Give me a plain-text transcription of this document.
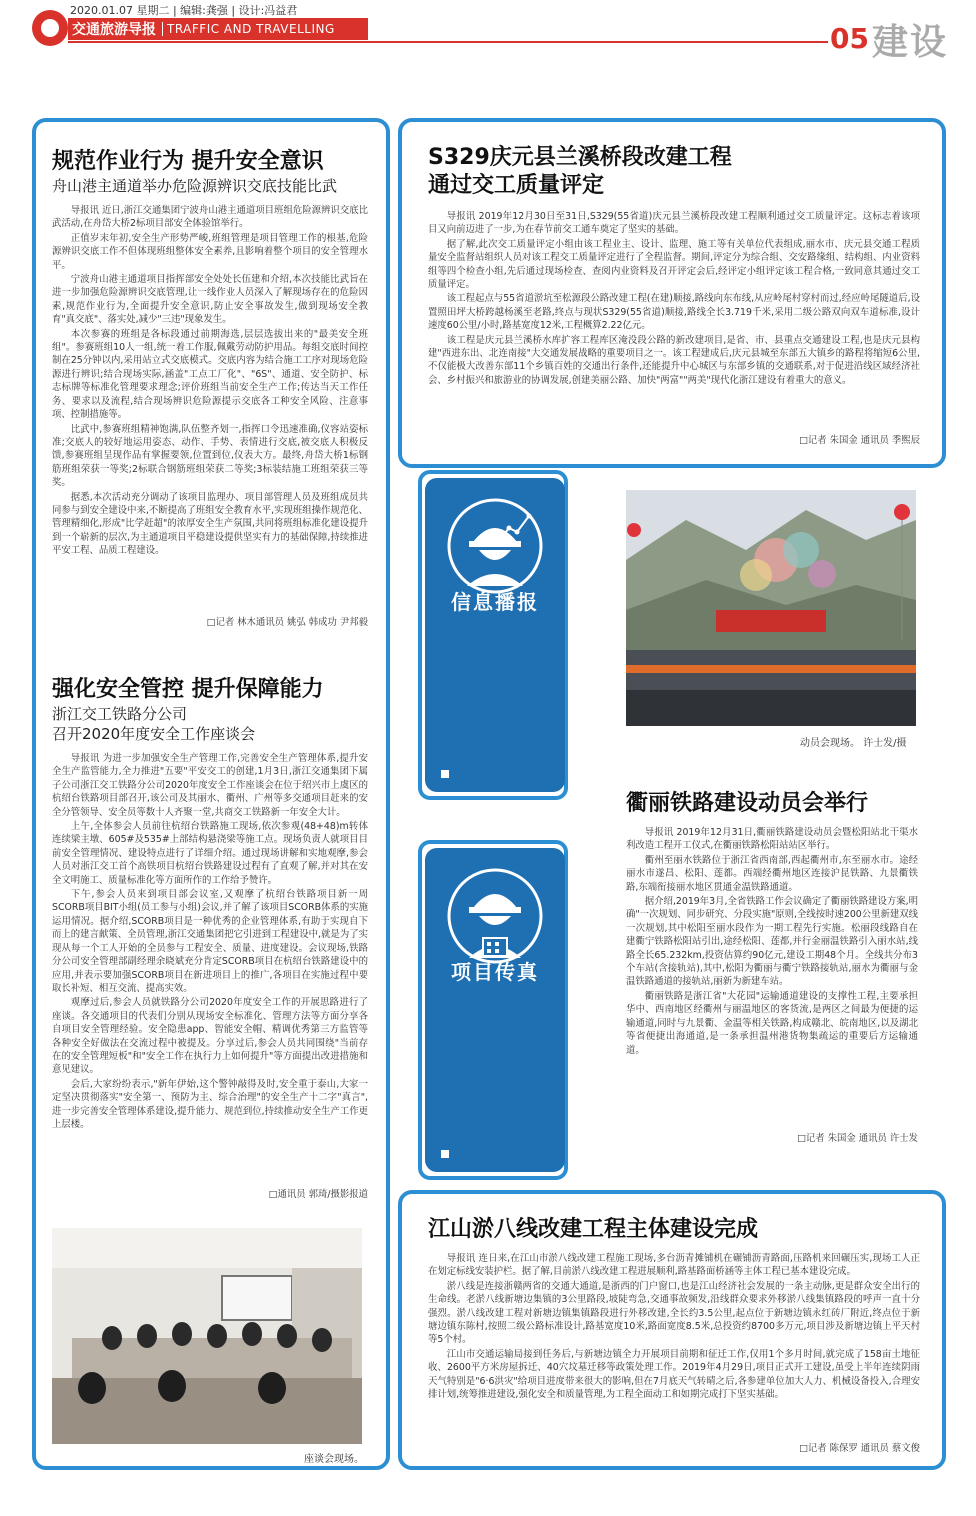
2020.01.07 星期二 | 编辑:龚强 | 设计:冯益君
交通旅游导报 TRAFFIC AND TRAVELLING	05 建设
信息播报
项目传真
规范作业行为 提升安全意识
舟山港主通道举办危险源辨识交底技能比武

导报讯 近日,浙江交通集团宁波舟山港主通道项目班组危险源辨识交底比武活动,在舟岱大桥2标项目部安全体验馆举行。

正值岁末年初,安全生产形势严峻,班组管理是项目管理工作的根基,危险源辨识交底工作不但体现班组整体安全素养,且影响着整个项目的安全管理水平。

宁波舟山港主通道项目指挥部安全处处长伍建和介绍,本次技能比武旨在进一步加强危险源辨识交底管理,让一线作业人员深入了解现场存在的危险因素,规范作业行为,全面提升安全意识,防止安全事故发生,做到现场安全教育"真交底"、落实处,减少"三违"现象发生。

本次参赛的班组是各标段通过前期海选,层层选拔出来的"最美安全班组"。参赛班组10人一组,统一着工作服,佩戴劳动防护用品。每组交底时间控制在25分钟以内,采用站立式交底模式。交底内容为结合施工工序对现场危险源进行辨识;结合现场实际,涵盖"工点工厂化"、"6S"、通道、安全防护、标志标牌等标准化管理要求理念;评价班组当前安全生产工作;传达当天工作任务、要求以及流程,结合现场辨识危险源提示交底各工种安全风险、注意事项、控制措施等。

比武中,参赛班组精神饱满,队伍整齐划一,指挥口令迅速准确,仪容站姿标准;交底人的较好地运用姿态、动作、手势、表情进行交底,被交底人积极反馈,参赛班组呈现作品有掌握要领,位置到位,仪表大方。最终,舟岱大桥1标钢筋班组荣获一等奖;2标联合钢筋班组荣获二等奖;3标装结施工班组荣获三等奖。

据悉,本次活动充分调动了该项目监理办、项目部管理人员及班组成员共同参与到安全建设中来,不断提高了班组安全教育水平,实现班组操作规范化、管理精细化,形成"比学赶超"的浓厚安全生产氛围,共同将班组标准化建设提升到一个崭新的层次,为主通道项目平稳建设提供坚实有力的基础保障,持续推进平安工程、品质工程建设。

□记者 林木通讯员 姚弘 韩成功 尹邦毅
S329庆元县兰溪桥段改建工程
通过交工质量评定

导报讯 2019年12月30日至31日,S329(55省道)庆元县兰溪桥段改建工程顺利通过交工质量评定。这标志着该项目又向前迈进了一步,为在春节前交工通车奠定了坚实的基础。

据了解,此次交工质量评定小组由该工程业主、设计、监理、施工等有关单位代表组成,丽水市、庆元县交通工程质量安全监督站组织人员对该工程交工质量评定进行了全程监督。期间,评定分为综合组、交安路缘组、结构组、内业资料组等四个检查小组,先后通过现场检查、查阅内业资料及召开评定会后,经评定小组评定该工程合格,一致同意其通过交工质量评定。

该工程起点与55省道淤坑至松源段公路改建工程(在建)顺接,路线向东布线,从应岭尾村穿村而过,经应岭尾隧道后,设置照田坪大桥跨越杨溪至老路,终点与现状S329(55省道)顺接,路线全长3.719千米,采用二级公路双向双车道标准,设计速度60公里/小时,路基宽度12米,工程概算2.22亿元。

该工程是庆元县兰溪桥水库扩容工程库区淹没段公路的新改建项目,是省、市、县重点交通建设工程,也是庆元县构建"西进东出、北连南接"大交通发展战略的重要项目之一。该工程建成后,庆元县城至东部五大镇乡的路程将缩短6公里,不仅能极大改善东部11个乡镇百姓的交通出行条件,还能提升中心城区与东部乡镇的交通联系,对于促进沿线区域经济社会、乡村振兴和旅游业的协调发展,创建美丽公路、加快"两富""两美"现代化浙江建设有着重大的意义。

□记者 朱国金 通讯员 季煕辰
动员会现场。 许士发/摄
强化安全管控 提升保障能力
浙江交工铁路分公司
召开2020年度安全工作座谈会

导报讯 为进一步加强安全生产管理工作,完善安全生产管理体系,提升安全生产监管能力,全力推进"五要"平安交工的创建,1月3日,浙江交通集团下属子公司浙江交工铁路分公司2020年度安全工作座谈会在位于绍兴市上虞区的杭绍台铁路项目部召开,该公司及其丽水、衢州、广州等多交通项目赶来的安全分管领导、安全员等数十人齐聚一堂,共商交工铁路新一年安全大计。

上午,全体参会人员前往杭绍台铁路施工现场,依次参观(48+48)m转体连续梁主墩、605#及535#上部结构悬浇梁等施工点。现场负责人就项目目前安全管理情况、建设特点进行了详细介绍。通过现场讲解和实地观摩,参会人员对浙江交工首个高铁项目杭绍台铁路建设过程有了直观了解,并对其在安全文明施工、质量标准化等方面所作的工作给予赞许。

下午,参会人员来到项目部会议室,又观摩了杭绍台铁路项目新一周SCORB项目BIT小组(员工参与小组)会议,并了解了该项目SCORB体系的实施运用情况。据介绍,SCORB项目是一种优秀的企业管理体系,有助于实现自下而上的建言献策、全员管理,浙江交通集团把它引进到工程建设中,就是为了实现从每一个工人开始的全员参与工程安全、质量、进度建设。会议现场,铁路分公司安全管理部副经理余晓斌充分肯定SCORB项目在杭绍台铁路建设中的应用,并表示要加强SCORB项目在新进项目上的推广,各项目在实施过程中要取长补短、相互交流、提高实效。

观摩过后,参会人员就铁路分公司2020年度安全工作的开展思路进行了座谈。各交通项目的代表们分别从现场安全标准化、管理方法等方面分享各自项目安全管理经验。安全隐患app、智能安全帽、精调优秀第三方监管等各种安全好做法在交流过程中被提及。分享过后,参会人员共同围绕"当前存在的安全管理短板"和"安全工作在执行力上如何提升"等方面提出改进措施和意见建议。

会后,大家纷纷表示,"新年伊始,这个警钟敲得及时,安全重于泰山,大家一定坚决贯彻落实"安全第一、预防为主、综合治理"的安全生产十二字"真言",进一步完善安全管理体系建设,提升能力、规范到位,持续推动安全生产工作更上层楼。

□通讯员 郭琦/摄影报道
座谈会现场。
衢丽铁路建设动员会举行

导报讯 2019年12月31日,衢丽铁路建设动员会暨松阳站北干渠水利改造工程开工仪式,在衢丽铁路松阳站站区举行。

衢州至丽水铁路位于浙江省西南部,西起衢州市,东至丽水市。途经丽水市遂昌、松阳、莲都。西端经衢州地区连接沪昆铁路、九景衢铁路,东端衔接丽水地区贯通金温铁路通道。

据介绍,2019年3月,全省铁路工作会议确定了衢丽铁路建设方案,明确"一次规划、同步研究、分段实施"原则,全线按时速200公里新建双线一次规划,其中松阳至丽水段作为一期工程先行实施。松丽段线路自在建衢宁铁路松阳站引出,途经松阳、莲都,并行金丽温铁路引入丽水站,线路全长65.232km,投资估算约90亿元,建设工期48个月。全线共分布3个车站(含接轨站),其中,松阳为衢丽与衢宁铁路接轨站,丽水为衢丽与金温铁路通道的接轨站,丽新为新建车站。

衢丽铁路是浙江省"大花园"运输通道建设的支撑性工程,主要承担华中、西南地区经衢州与丽温地区的客货流,是两区之间最为便捷的运输通道,同时与九景衢、金温等相关铁路,构成赣北、皖南地区,以及湖北等省便捷出海通道,是一条承担温州港货物集疏运的重要后方运输通道。

□记者 朱国金 通讯员 许士发
江山淤八线改建工程主体建设完成

导报讯 连日来,在江山市淤八线改建工程施工现场,多台沥青摊铺机在碾铺沥青路面,压路机来回碾压实,现场工人正在划定标线安装护栏。据了解,目前淤八线改建工程进展顺利,路基路面桥涵等主体工程已基本建设完成。

淤八线是连接浙赣两省的交通大通道,是浙西的门户窗口,也是江山经济社会发展的一条主动脉,更是群众安全出行的生命线。老淤八线新塘边集镇的3公里路段,坡陡弯急,交通事故频发,沿线群众要求外移淤八线集镇路段的呼声一直十分强烈。淤八线改建工程对新塘边镇集镇路段进行外移改建,全长约3.5公里,起点位于新塘边镇永红砖厂附近,终点位于新塘边镇东陈村,按照二级公路标准设计,路基宽度10米,路面宽度8.5米,总投资约8700多万元,项目涉及新塘边镇上平天村等5个村。

江山市交通运输局接到任务后,与新塘边镇全力开展项目前期和征迁工作,仅用1个多月时间,就完成了158亩土地征收、2600平方米房屋拆迁、40穴坟墓迁移等政策处理工作。2019年4月29日,项目正式开工建设,虽受上半年连续阴雨天气特别是"6·6洪灾"给项目进度带来很大的影响,但在7月底天气转晴之后,各参建单位加大人力、机械设备投入,合理安排计划,统筹推进建设,强化安全和质量管理,为工程全面动工和如期完成打下坚实基础。

□记者 陈保罗 通讯员 蔡文俊
